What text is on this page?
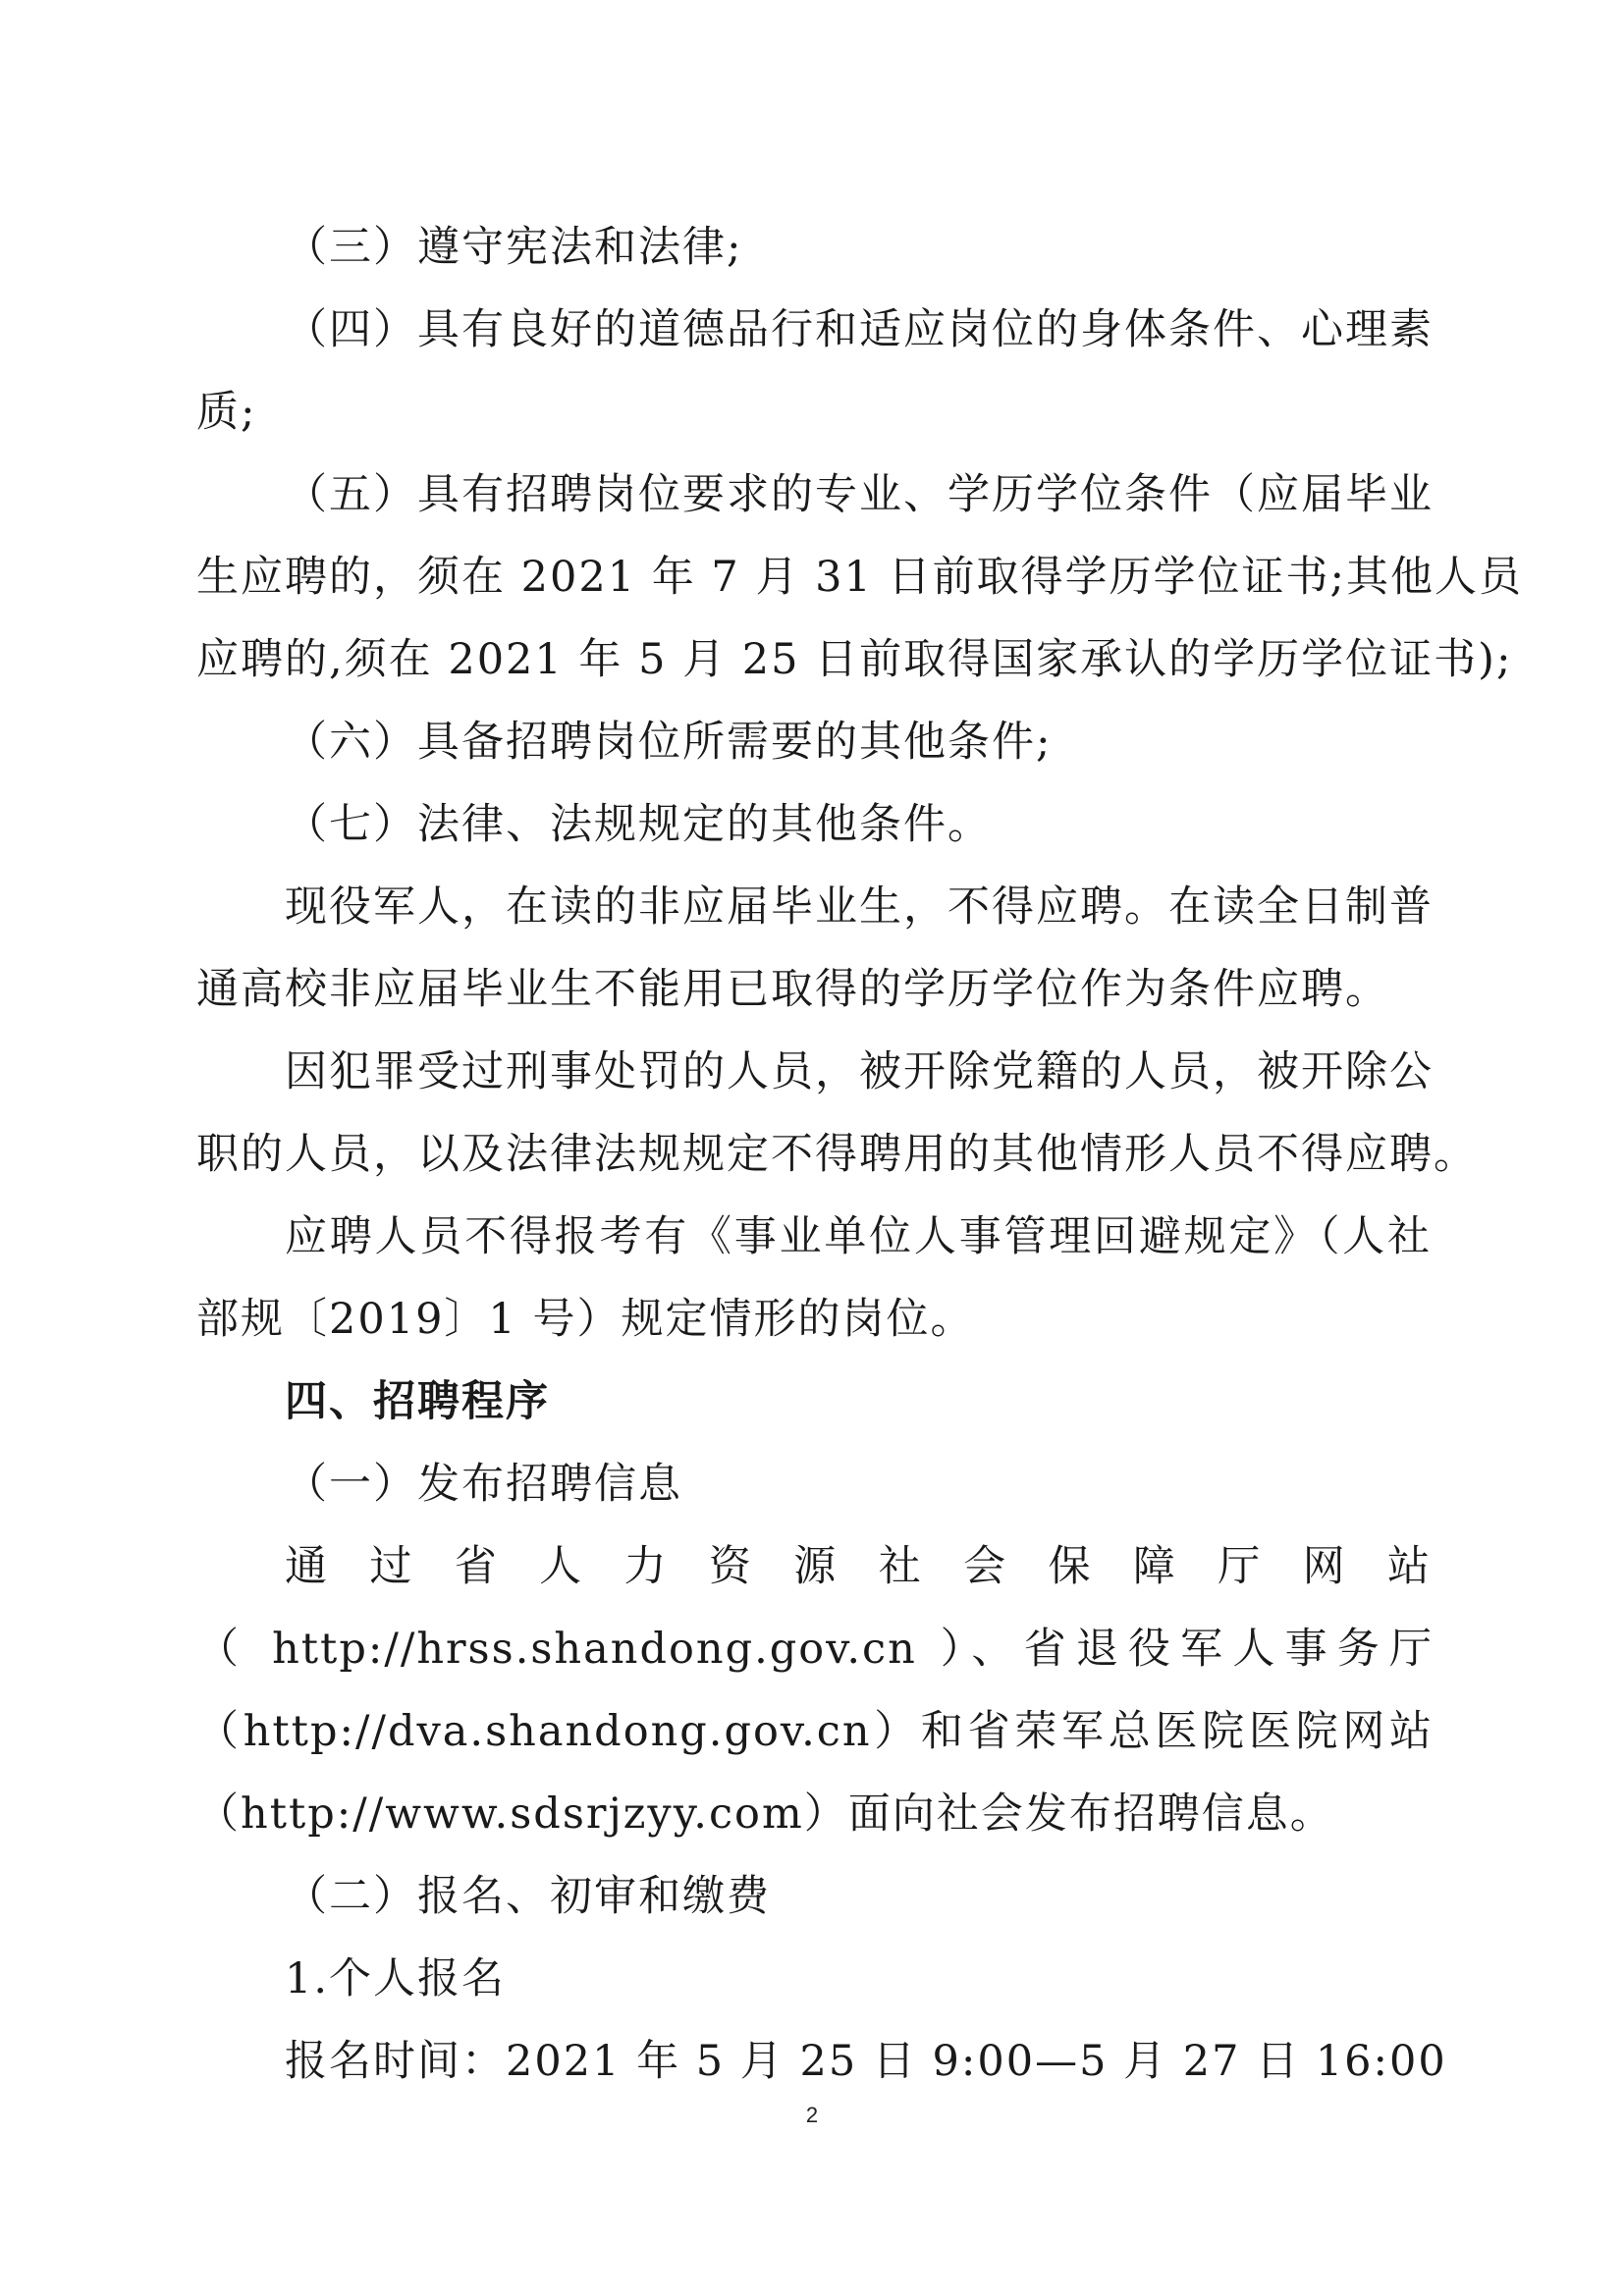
（三）遵守宪法和法律;
（四）具有良好的道德品行和适应岗位的身体条件、心理素
质;
（五）具有招聘岗位要求的专业、学历学位条件（应届毕业
生应聘的，须在 2021 年 7 月 31 日前取得学历学位证书;其他人员
应聘的,须在 2021 年 5 月 25 日前取得国家承认的学历学位证书);
（六）具备招聘岗位所需要的其他条件;
（七）法律、法规规定的其他条件。
现役军人，在读的非应届毕业生，不得应聘。在读全日制普
通高校非应届毕业生不能用已取得的学历学位作为条件应聘。
因犯罪受过刑事处罚的人员，被开除党籍的人员，被开除公
职的人员，以及法律法规规定不得聘用的其他情形人员不得应聘。
应聘人员不得报考有《事业单位人事管理回避规定》（人社
部规〔2019〕1 号）规定情形的岗位。
四、招聘程序
（一）发布招聘信息
通过省人力资源社会保障厅网站
（ http://hrss.shandong.gov.cn ）、省退役军人事务厅
（http://dva.shandong.gov.cn）和省荣军总医院医院网站
（http://www.sdsrjzyy.com）面向社会发布招聘信息。
（二）报名、初审和缴费
1.个人报名
报名时间：2021 年 5 月 25 日 9:00—5 月 27 日 16:00
2
